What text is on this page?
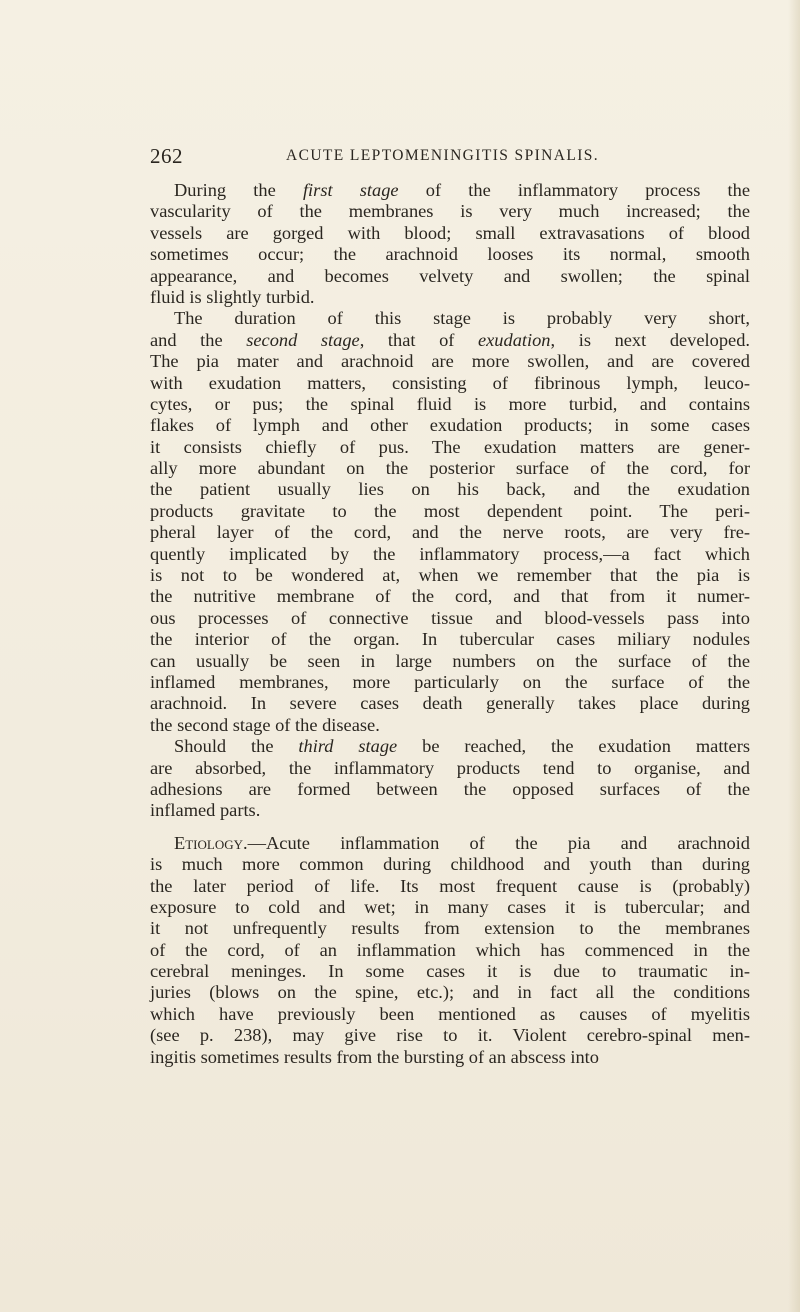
262	ACUTE LEPTOMENINGITIS SPINALIS.
During the first stage of the inflammatory process the
vascularity of the membranes is very much increased; the
vessels are gorged with blood; small extravasations of blood
sometimes occur; the arachnoid looses its normal, smooth
appearance, and becomes velvety and swollen; the spinal
fluid is slightly turbid.
The duration of this stage is probably very short,
and the second stage, that of exudation, is next developed.
The pia mater and arachnoid are more swollen, and are covered
with exudation matters, consisting of fibrinous lymph, leuco-
cytes, or pus; the spinal fluid is more turbid, and contains
flakes of lymph and other exudation products; in some cases
it consists chiefly of pus. The exudation matters are gener-
ally more abundant on the posterior surface of the cord, for
the patient usually lies on his back, and the exudation
products gravitate to the most dependent point. The peri-
pheral layer of the cord, and the nerve roots, are very fre-
quently implicated by the inflammatory process,—a fact which
is not to be wondered at, when we remember that the pia is
the nutritive membrane of the cord, and that from it numer-
ous processes of connective tissue and blood-vessels pass into
the interior of the organ. In tubercular cases miliary nodules
can usually be seen in large numbers on the surface of the
inflamed membranes, more particularly on the surface of the
arachnoid. In severe cases death generally takes place during
the second stage of the disease.
Should the third stage be reached, the exudation matters
are absorbed, the inflammatory products tend to organise, and
adhesions are formed between the opposed surfaces of the
inflamed parts.
Etiology.—Acute inflammation of the pia and arachnoid
is much more common during childhood and youth than during
the later period of life. Its most frequent cause is (probably)
exposure to cold and wet; in many cases it is tubercular; and
it not unfrequently results from extension to the membranes
of the cord, of an inflammation which has commenced in the
cerebral meninges. In some cases it is due to traumatic in-
juries (blows on the spine, etc.); and in fact all the conditions
which have previously been mentioned as causes of myelitis
(see p. 238), may give rise to it. Violent cerebro-spinal men-
ingitis sometimes results from the bursting of an abscess into
